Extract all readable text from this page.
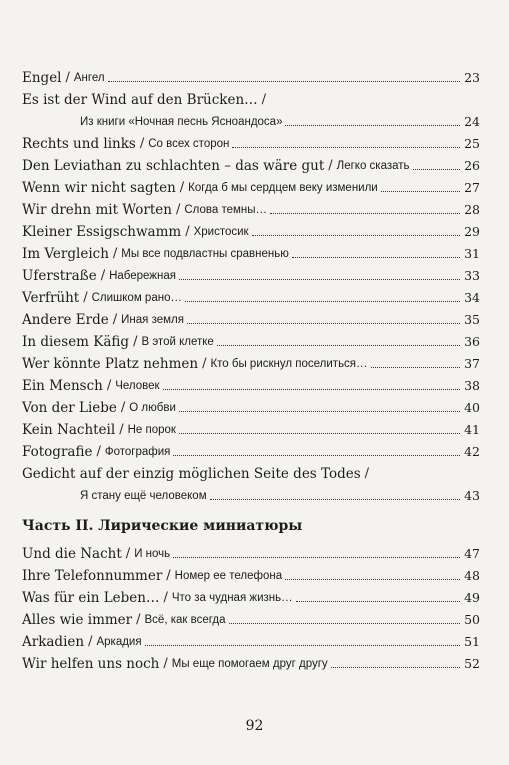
Engel / Ангел	23
Es ist der Wind auf den Brücken… /
Из книги «Ночная песнь Ясноандоса»	24
Rechts und links / Со всех сторон	25
Den Leviathan zu schlachten – das wäre gut / Легко сказать	26
Wenn wir nicht sagten / Когда б мы сердцем веку изменили	27
Wir drehn mit Worten / Слова темны…	28
Kleiner Essigschwamm / Христосик	29
Im Vergleich / Мы все подвластны сравненью	31
Uferstraße / Набережная	33
Verfrüht / Слишком рано…	34
Andere Erde / Иная земля	35
In diesem Käfig / В этой клетке	36
Wer könnte Platz nehmen / Кто бы рискнул поселиться…	37
Ein Mensch / Человек	38
Von der Liebe / О любви	40
Kein Nachteil / Не порок	41
Fotografie / Фотография	42
Gedicht auf der einzig möglichen Seite des Todes /
Я стану ещё человеком	43
Часть II. Лирические миниатюры
Und die Nacht / И ночь	47
Ihre Telefonnummer / Номер ее телефона	48
Was für ein Leben… / Что за чудная жизнь…	49
Alles wie immer / Всё, как всегда	50
Arkadien / Аркадия	51
Wir helfen uns noch / Мы еще помогаем друг другу	52
92
